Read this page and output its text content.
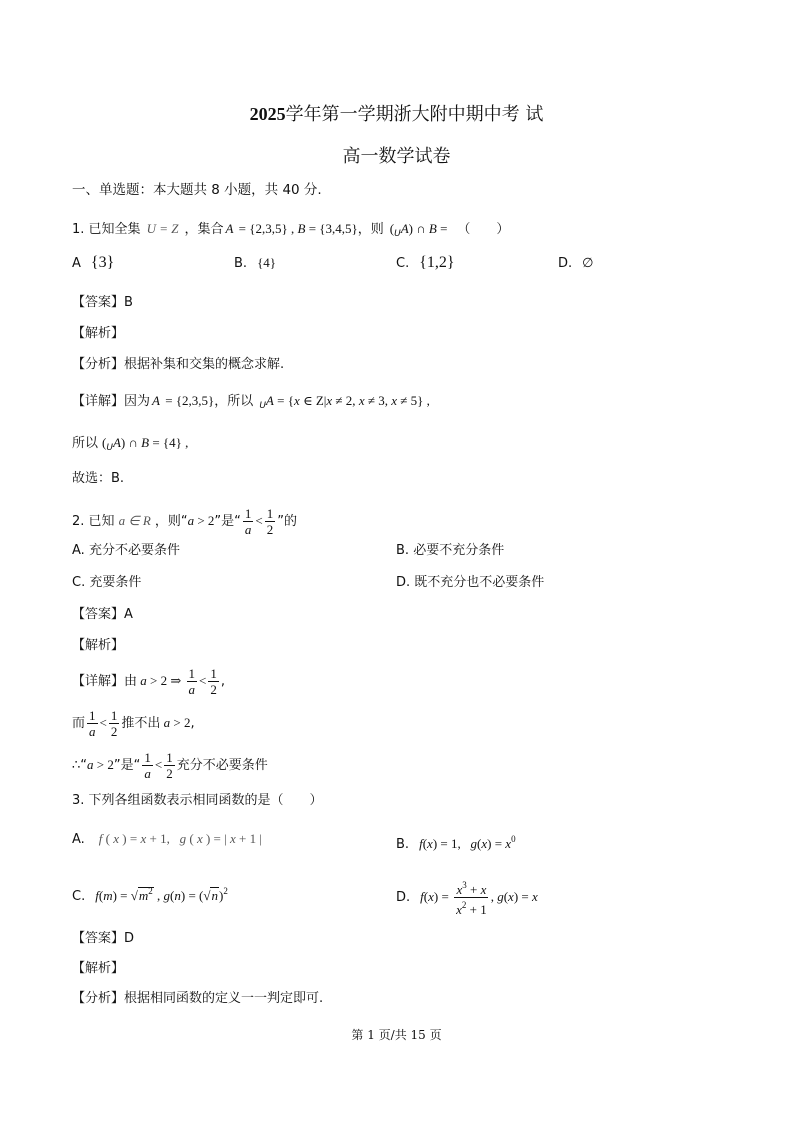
2025学年第一学期浙大附中期中考 试
高一数学试卷
一、单选题：本大题共 8 小题，共 40 分.
1. 已知全集 U = Z ，集合 A = {2,3,5} , B = {3,4,5}，则 $(_UA)$ ∩ B = （　　）
A {3}	B. {4}	C. {1,2}	D. ∅
【答案】B
【解析】
【分析】根据补集和交集的概念求解.
【详解】因为 A = {2,3,5}，所以 $_U$A = {x ∈ Z|x ≠ 2, x ≠ 3, x ≠ 5} ,
所以 $(_UA)$ ∩ B = {4} ,
故选：B.
2. 已知 a ∈ R ，则“a > 2”是“ $\frac{1}{a} < \frac{1}{2}$ ”的
A. 充分不必要条件	B. 必要不充分条件
C. 充要条件	D. 既不充分也不必要条件
【答案】A
【解析】
【详解】由 a > 2 ⇒ $\frac{1}{a} < \frac{1}{2}$ ,
而 $\frac{1}{a} < \frac{1}{2}$ 推不出 a > 2,
∴“a > 2”是“ $\frac{1}{a} < \frac{1}{2}$ 充分不必要条件
3. 下列各组函数表示相同函数的是（　　）
A. f ( x ) = x + 1,   g ( x ) = | x + 1 |	B. f(x) = 1,   $g(x) = x^0$
C. $f(m) = √m^2$ , $g(n) = (√n)^2$	D. $f(x) = \frac{x^3 + x}{x^2 + 1}$ , g(x) = x
【答案】D
【解析】
【分析】根据相同函数的定义一一判定即可.
第 1 页/共 15 页
